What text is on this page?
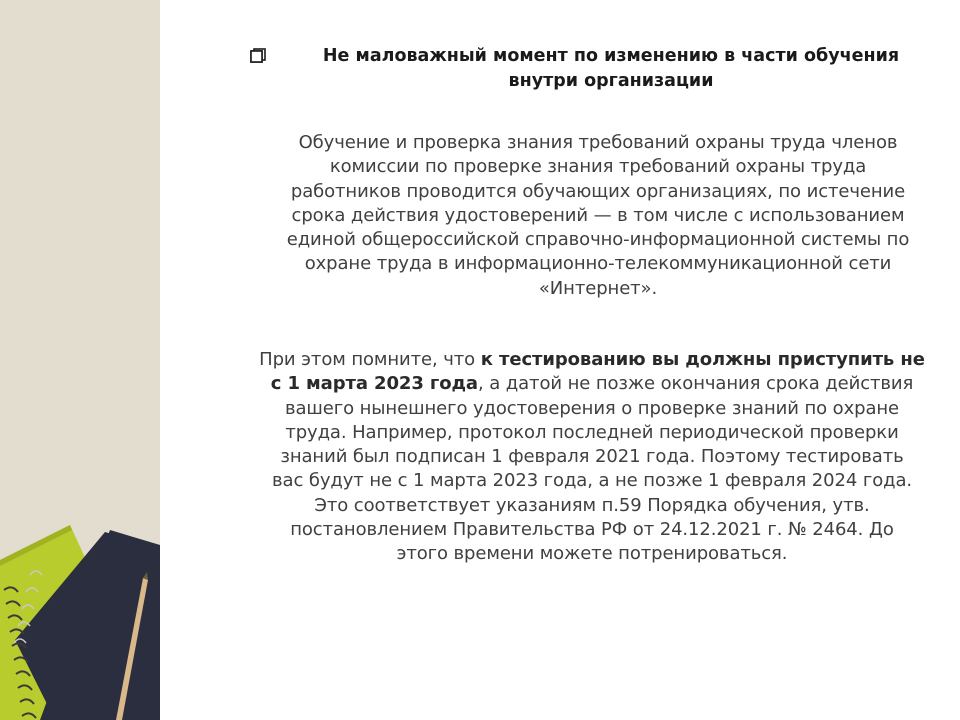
Не маловажный момент по изменению в части обучения
внутри организации
Обучение и проверка знания требований охраны труда членов
комиссии по проверке знания требований охраны труда
работников проводится обучающих организациях, по истечение
срока действия удостоверений — в том числе с использованием
единой общероссийской справочно-информационной системы по
охране труда в информационно-телекоммуникационной сети
«Интернет».
При этом помните, что к тестированию вы должны приступить не
с 1 марта 2023 года, а датой не позже окончания срока действия
вашего нынешнего удостоверения о проверке знаний по охране
труда. Например, протокол последней периодической проверки
знаний был подписан 1 февраля 2021 года. Поэтому тестировать
вас будут не с 1 марта 2023 года, а не позже 1 февраля 2024 года.
Это соответствует указаниям п.59 Порядка обучения, утв.
постановлением Правительства РФ от 24.12.2021 г. № 2464. До
этого времени можете потренироваться.
